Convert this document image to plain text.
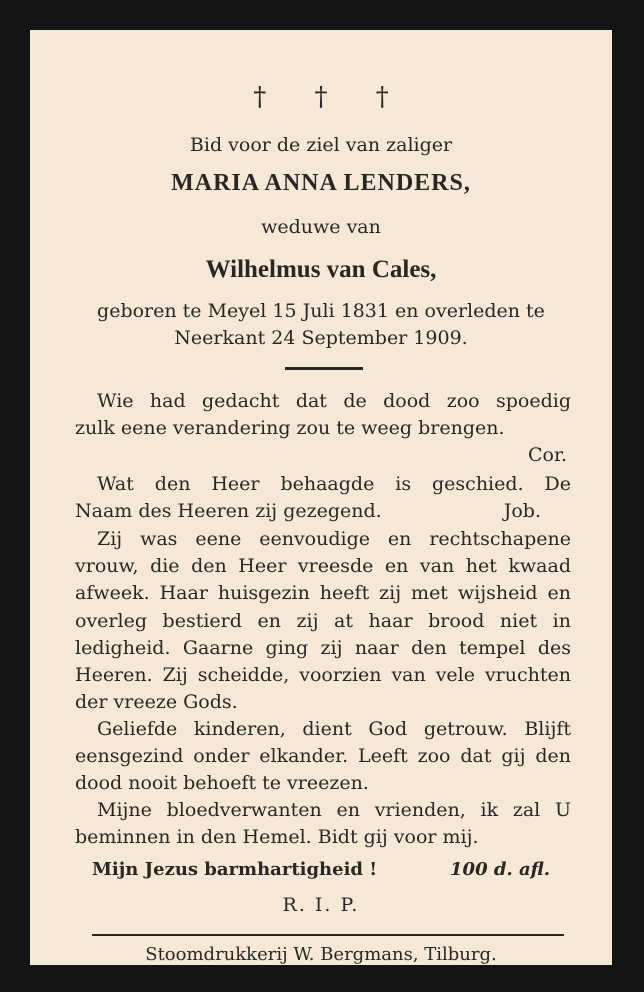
† † †
Bid voor de ziel van zaliger
MARIA ANNA LENDERS,
weduwe van
Wilhelmus van Cales,
geboren te Meyel 15 Juli 1831 en overleden te
Neerkant 24 September 1909.

Wie had gedacht dat de dood zoo spoedig

zulk eene verandering zou te weeg brengen.

Cor.

Wat den Heer behaagde is geschied. De

Naam des Heeren zij gezegend.	Job.

Zij was eene eenvoudige en rechtschapene vrouw, die den Heer vreesde en van het kwaad afweek. Haar huisgezin heeft zij met wijsheid en overleg bestierd en zij at haar brood niet in ledigheid. Gaarne ging zij naar den tempel des Heeren. Zij scheidde, voorzien van vele vruchten der vreeze Gods.

Geliefde kinderen, dient God getrouw. Blijft eensgezind onder elkander. Leeft zoo dat gij den dood nooit behoeft te vreezen.

Mijne bloedverwanten en vrienden, ik zal U beminnen in den Hemel. Bidt gij voor mij.

Mijn Jezus barmhartigheid !	100 d. afl.
R. I. P.
Stoomdrukkerij W. Bergmans, Tilburg.
